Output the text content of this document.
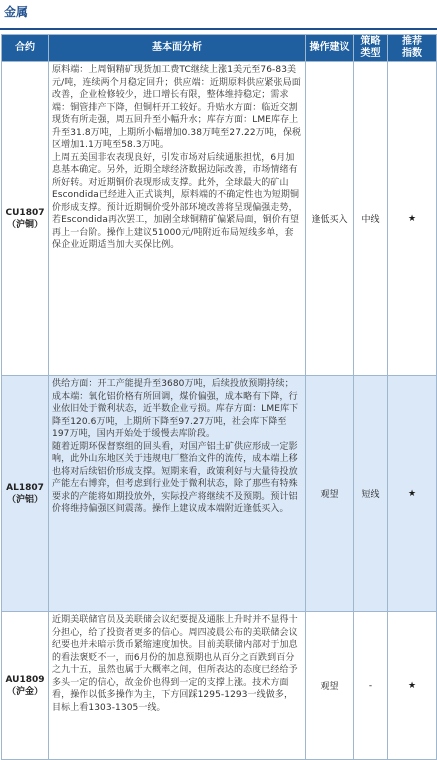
金属
合约	基本面分析	操作建议	策略类型	推荐指数

CU1807
（沪铜）	原料端：上周铜精矿现货加工费TC继续上涨1美元至76-83美元/吨，连续两个月稳定回升；供应端：近期原料供应紧张局面改善，企业检修较少，进口增长有限，整体维持稳定；需求端：铜管排产下降，但铜杆开工较好。升贴水方面：临近交割现货有所走强，周五回升至小幅升水；库存方面：LME库存上升至31.8万吨，上期所小幅增加0.38万吨至27.22万吨，保税区增加1.1万吨至58.3万吨。
上周五美国非农表现良好，引发市场对后续通胀担忧，6月加息基本确定。另外，近期全球经济数据边际改善，市场情绪有所好转。对近期铜价表现形成支撑。此外，全球最大的矿山Escondida已经进入正式谈判，原料端的不确定性也为短期铜价形成支撑。预计近期铜价受外部环境改善将呈现偏强走势，若Escondida再次罢工，加剧全球铜精矿偏紧局面，铜价有望再上一台阶。操作上建议51000元/吨附近布局短线多单，套保企业近期适当加大买保比例。	逢低买入	中线	★

AL1807
（沪铝）	供给方面：开工产能提升至3680万吨，后续投放预期持续；成本端：氧化铝价格有所回调，煤价偏强，成本略有下降，行业依旧处于微利状态，近半数企业亏损。库存方面：LME库下降至120.6万吨，上期所下降至97.27万吨，社会库下降至197万吨，国内开始处于缓慢去库阶段。
随着近期环保督察组的回头看，对国产铝土矿供应形成一定影响，此外山东地区关于违规电厂整治文件的流传，成本端上移也将对后续铝价形成支撑。短期来看，政策利好与大量待投放产能左右博弈，但考虑到行业处于微利状态，除了那些有特殊要求的产能将如期投放外，实际投产将继续不及预期。预计铝价将维持偏强区间震荡。操作上建议成本端附近逢低买入。	观望	短线	★

AU1809
（沪金）	近期美联储官员及美联储会议纪要提及通胀上升时并不显得十分担心，给了投资者更多的信心。周四凌晨公布的美联储会议纪要也并未暗示货币紧缩速度加快。目前美联储内部对于加息的看法褒贬不一，而6月份的加息预期也从百分之百跌到百分之九十五，虽然也属于大概率之间，但所表达的态度已经给予多头一定的信心，故金价也得到一定的支撑上涨。技术方面看，操作以低多操作为主，下方回踩1295-1293一线做多，目标上看1303-1305一线。	观望	-	★
